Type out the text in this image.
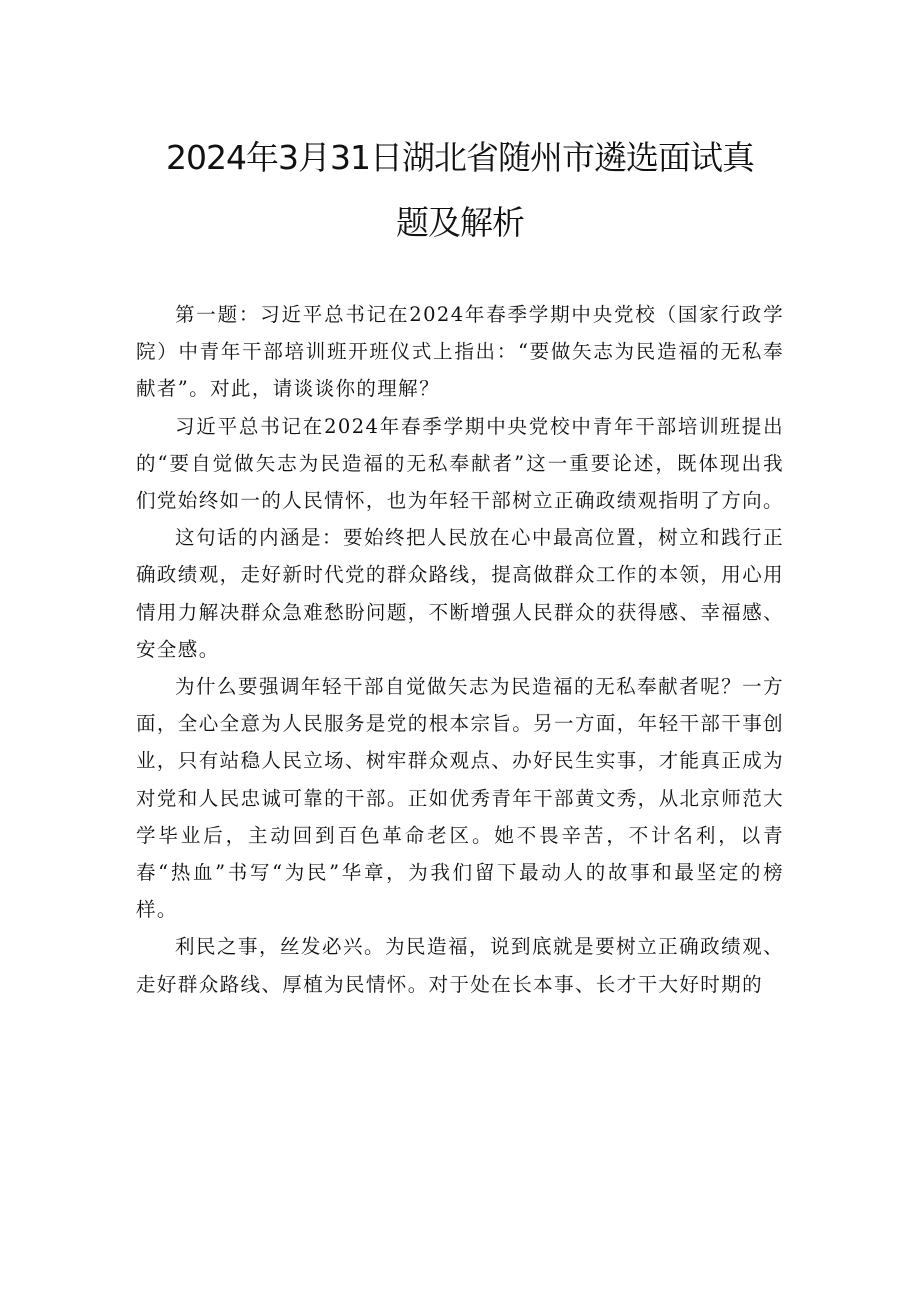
2024年3月31日湖北省随州市遴选面试真
题及解析

第一题：习近平总书记在2024年春季学期中央党校（国家行政学院）中青年干部培训班开班仪式上指出：“要做矢志为民造福的无私奉献者”。对此，请谈谈你的理解？

习近平总书记在2024年春季学期中央党校中青年干部培训班提出的“要自觉做矢志为民造福的无私奉献者”这一重要论述，既体现出我们党始终如一的人民情怀，也为年轻干部树立正确政绩观指明了方向。

这句话的内涵是：要始终把人民放在心中最高位置，树立和践行正确政绩观，走好新时代党的群众路线，提高做群众工作的本领，用心用情用力解决群众急难愁盼问题，不断增强人民群众的获得感、幸福感、安全感。

为什么要强调年轻干部自觉做矢志为民造福的无私奉献者呢？一方面，全心全意为人民服务是党的根本宗旨。另一方面，年轻干部干事创业，只有站稳人民立场、树牢群众观点、办好民生实事，才能真正成为对党和人民忠诚可靠的干部。正如优秀青年干部黄文秀，从北京师范大学毕业后，主动回到百色革命老区。她不畏辛苦，不计名利，以青春“热血”书写“为民”华章，为我们留下最动人的故事和最坚定的榜样。

利民之事，丝发必兴。为民造福，说到底就是要树立正确政绩观、走好群众路线、厚植为民情怀。对于处在长本事、长才干大好时期的
